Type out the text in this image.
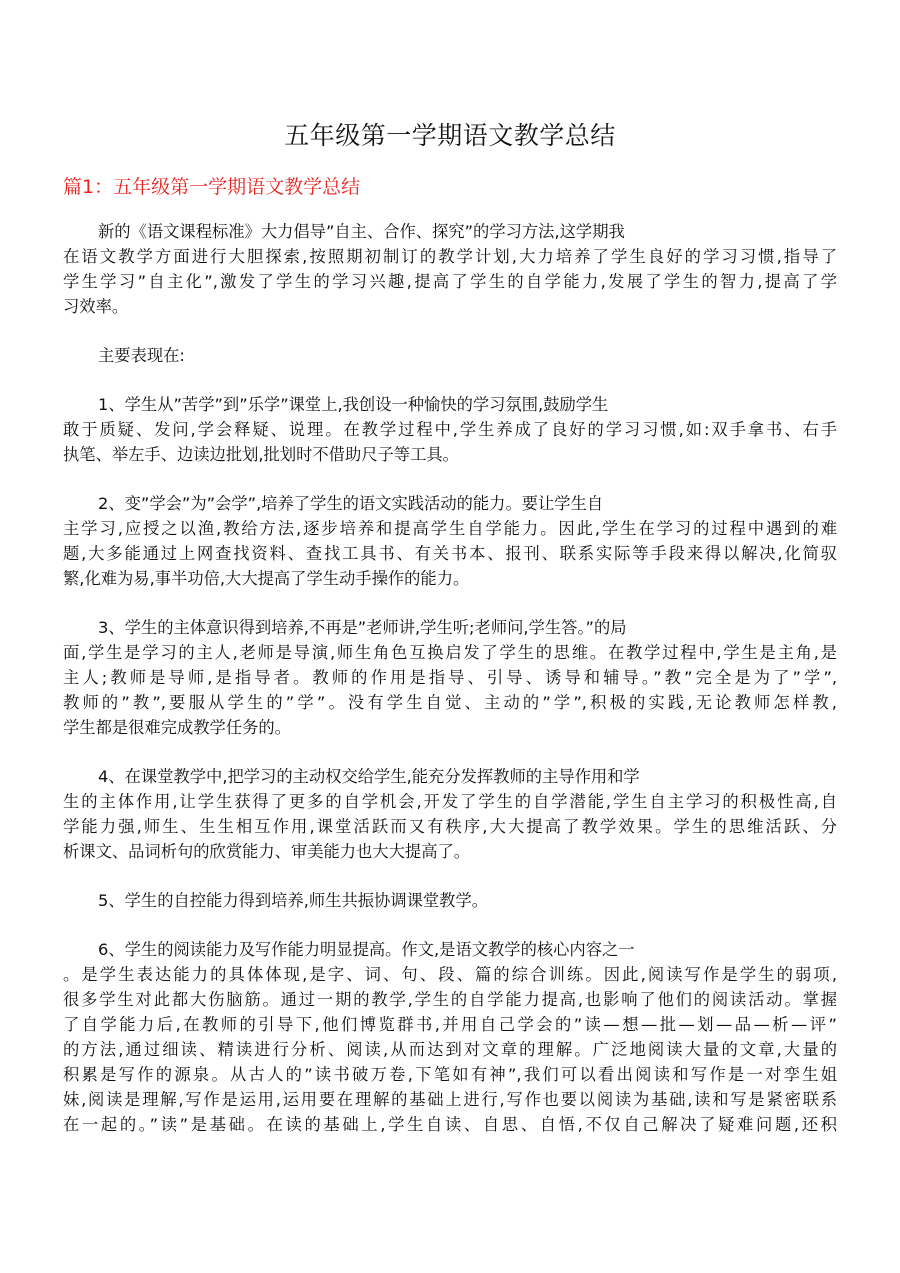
五年级第一学期语文教学总结
篇1：五年级第一学期语文教学总结
新的《语文课程标准》大力倡导”自主、合作、探究”的学习方法,这学期我
在语文教学方面进行大胆探索,按照期初制订的教学计划,大力培养了学生良好的学习习惯,指导了
学生学习”自主化”,激发了学生的学习兴趣,提高了学生的自学能力,发展了学生的智力,提高了学
习效率。
主要表现在:
1、学生从”苦学”到”乐学”课堂上,我创设一种愉快的学习氛围,鼓励学生
敢于质疑、发问,学会释疑、说理。在教学过程中,学生养成了良好的学习习惯,如:双手拿书、右手
执笔、举左手、边读边批划,批划时不借助尺子等工具。
2、变”学会”为”会学”,培养了学生的语文实践活动的能力。要让学生自
主学习,应授之以渔,教给方法,逐步培养和提高学生自学能力。因此,学生在学习的过程中遇到的难
题,大多能通过上网查找资料、查找工具书、有关书本、报刊、联系实际等手段来得以解决,化简驭
繁,化难为易,事半功倍,大大提高了学生动手操作的能力。
3、学生的主体意识得到培养,不再是”老师讲,学生听;老师问,学生答。”的局
面,学生是学习的主人,老师是导演,师生角色互换启发了学生的思维。在教学过程中,学生是主角,是
主人;教师是导师,是指导者。教师的作用是指导、引导、诱导和辅导。”教”完全是为了”学”,
教师的”教”,要服从学生的”学”。没有学生自觉、主动的”学”,积极的实践,无论教师怎样教,
学生都是很难完成教学任务的。
4、在课堂教学中,把学习的主动权交给学生,能充分发挥教师的主导作用和学
生的主体作用,让学生获得了更多的自学机会,开发了学生的自学潜能,学生自主学习的积极性高,自
学能力强,师生、生生相互作用,课堂活跃而又有秩序,大大提高了教学效果。学生的思维活跃、分
析课文、品词析句的欣赏能力、审美能力也大大提高了。
5、学生的自控能力得到培养,师生共振协调课堂教学。
6、学生的阅读能力及写作能力明显提高。作文,是语文教学的核心内容之一
。是学生表达能力的具体体现,是字、词、句、段、篇的综合训练。因此,阅读写作是学生的弱项,
很多学生对此都大伤脑筋。通过一期的教学,学生的自学能力提高,也影响了他们的阅读活动。掌握
了自学能力后,在教师的引导下,他们博览群书,并用自己学会的”读—想—批—划—品—析—评”
的方法,通过细读、精读进行分析、阅读,从而达到对文章的理解。广泛地阅读大量的文章,大量的
积累是写作的源泉。从古人的”读书破万卷,下笔如有神”,我们可以看出阅读和写作是一对孪生姐
妹,阅读是理解,写作是运用,运用要在理解的基础上进行,写作也要以阅读为基础,读和写是紧密联系
在一起的。”读”是基础。在读的基础上,学生自读、自思、自悟,不仅自己解决了疑难问题,还积
